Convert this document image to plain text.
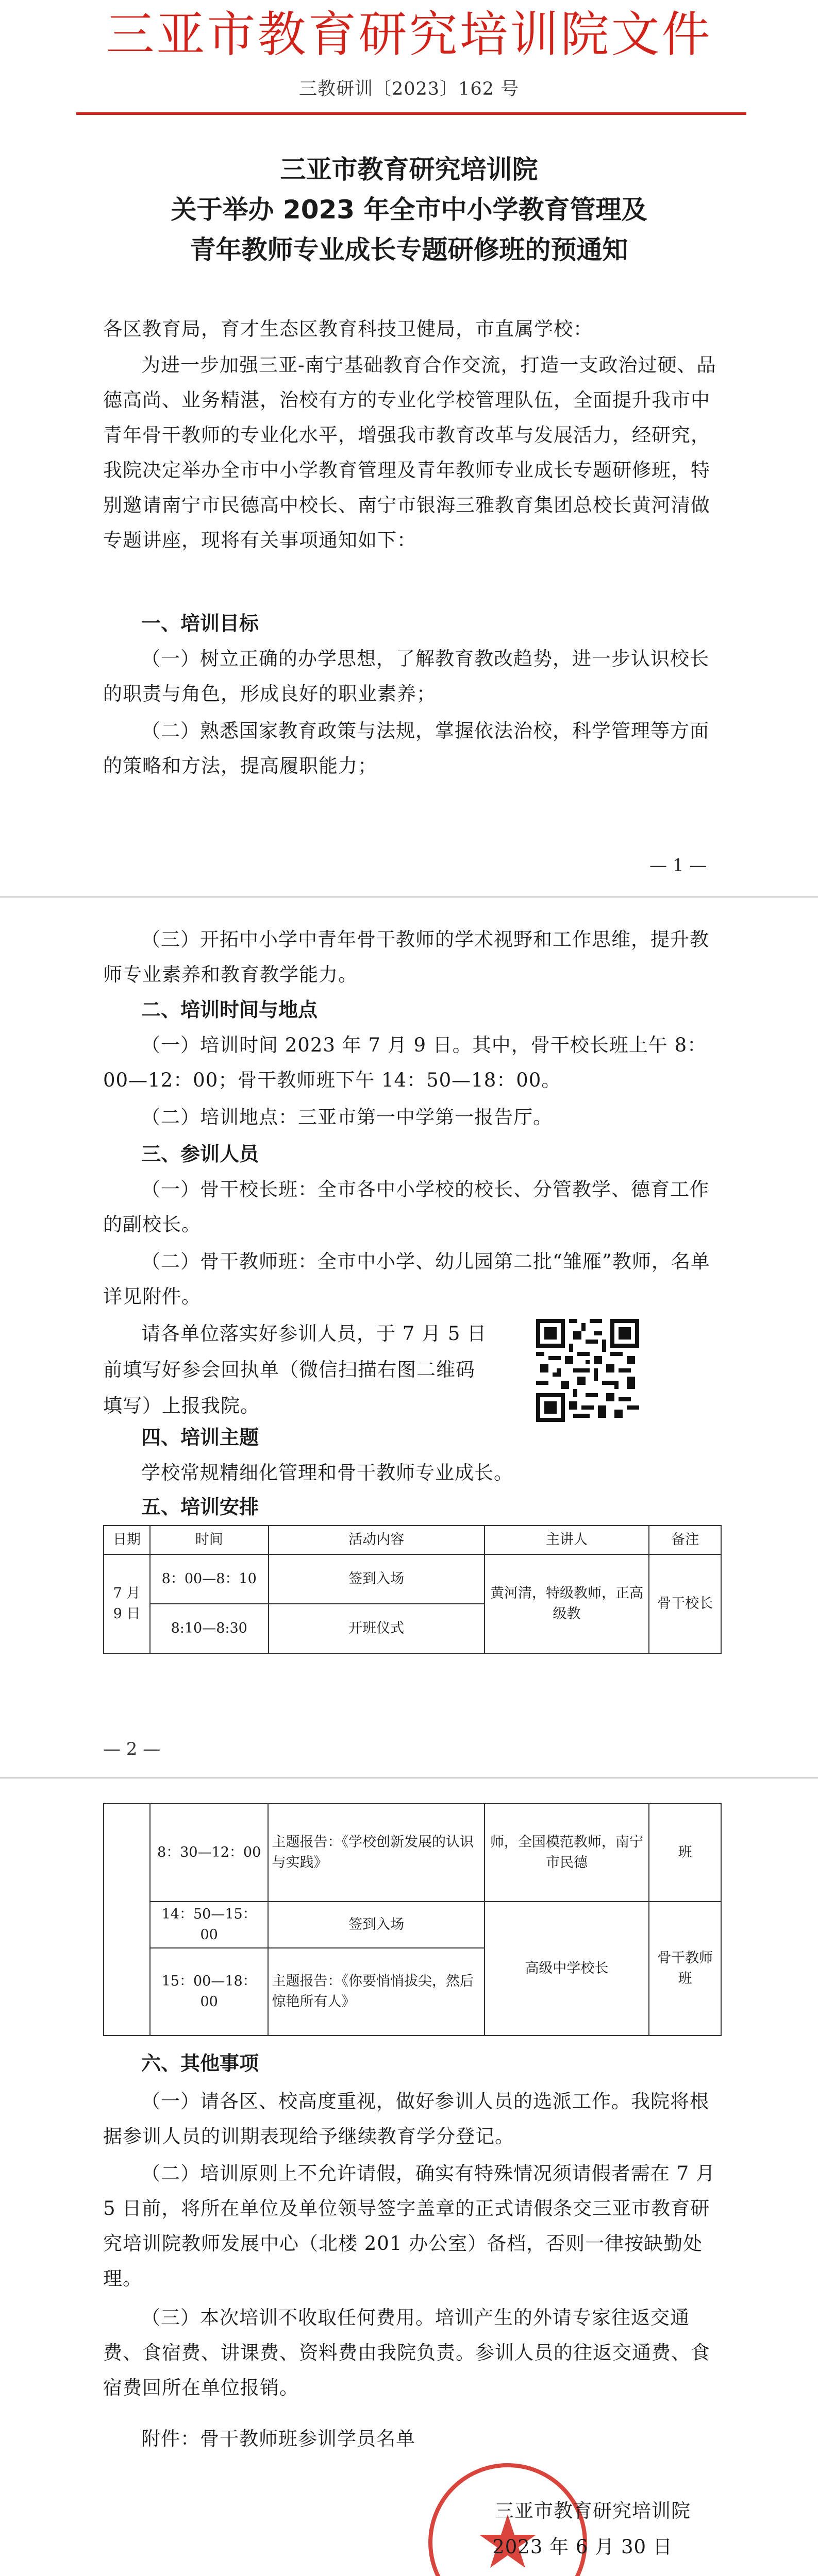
三亚市教育研究培训院文件
三教研训〔2023〕162 号
三亚市教育研究培训院
关于举办 2023 年全市中小学教育管理及
青年教师专业成长专题研修班的预通知
各区教育局，育才生态区教育科技卫健局，市直属学校：
为进一步加强三亚-南宁基础教育合作交流，打造一支政治过硬、品德高尚、业务精湛，治校有方的专业化学校管理队伍，全面提升我市中青年骨干教师的专业化水平，增强我市教育改革与发展活力，经研究，我院决定举办全市中小学教育管理及青年教师专业成长专题研修班，特别邀请南宁市民德高中校长、南宁市银海三雅教育集团总校长黄河清做专题讲座，现将有关事项通知如下：
一、培训目标
（一）树立正确的办学思想，了解教育教改趋势，进一步认识校长的职责与角色，形成良好的职业素养；
（二）熟悉国家教育政策与法规，掌握依法治校，科学管理等方面的策略和方法，提高履职能力；
— 1 —
（三）开拓中小学中青年骨干教师的学术视野和工作思维，提升教师专业素养和教育教学能力。
二、培训时间与地点
（一）培训时间 2023 年 7 月 9 日。其中，骨干校长班上午 8：00—12：00；骨干教师班下午 14：50—18：00。
（二）培训地点：三亚市第一中学第一报告厅。
三、参训人员
（一）骨干校长班：全市各中小学校的校长、分管教学、德育工作的副校长。
（二）骨干教师班：全市中小学、幼儿园第二批“雏雁”教师，名单详见附件。
请各单位落实好参训人员，于 7 月 5 日
前填写好参会回执单（微信扫描右图二维码
填写）上报我院。
四、培训主题
学校常规精细化管理和骨干教师专业成长。
五、培训安排
日期	时间	活动内容	主讲人	备注
7 月 9 日	8：00—8：10	签到入场	黄河清，特级教师，正高级教	骨干校长
	8:10—8:30	开班仪式		
— 2 —
	8：30—12：00	主题报告：《学校创新发展的认识与实践》	师，全国模范教师，南宁市民德	班
	14：50—15：00	签到入场	高级中学校长	骨干教师班
	15：00—18：00	主题报告：《你要悄悄拔尖，然后惊艳所有人》		
六、其他事项
（一）请各区、校高度重视，做好参训人员的选派工作。我院将根据参训人员的训期表现给予继续教育学分登记。
（二）培训原则上不允许请假，确实有特殊情况须请假者需在 7 月 5 日前，将所在单位及单位领导签字盖章的正式请假条交三亚市教育研究培训院教师发展中心（北楼 201 办公室）备档，否则一律按缺勤处理。
（三）本次培训不收取任何费用。培训产生的外请专家往返交通费、食宿费、讲课费、资料费由我院负责。参训人员的往返交通费、食宿费回所在单位报销。
附件：骨干教师班参训学员名单
三亚市教育研究培训院
2023 年 6 月 30 日
